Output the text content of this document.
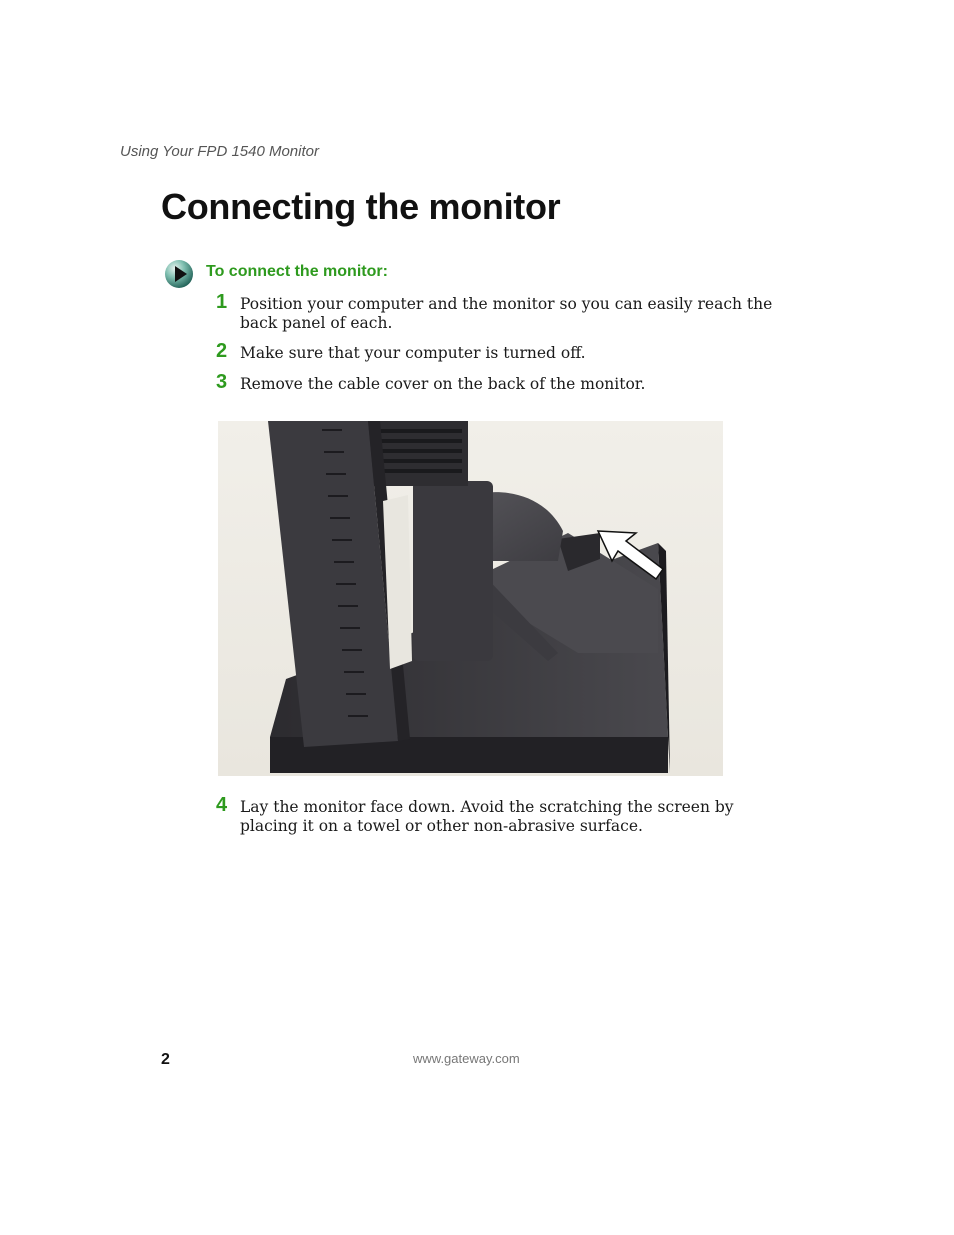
Using Your FPD 1540 Monitor
Connecting the monitor
To connect the monitor:
1 Position your computer and the monitor so you can easily reach the back panel of each.
2 Make sure that your computer is turned off.
3 Remove the cable cover on the back of the monitor.
4 Lay the monitor face down. Avoid the scratching the screen by placing it on a towel or other non-abrasive surface.
2	www.gateway.com
